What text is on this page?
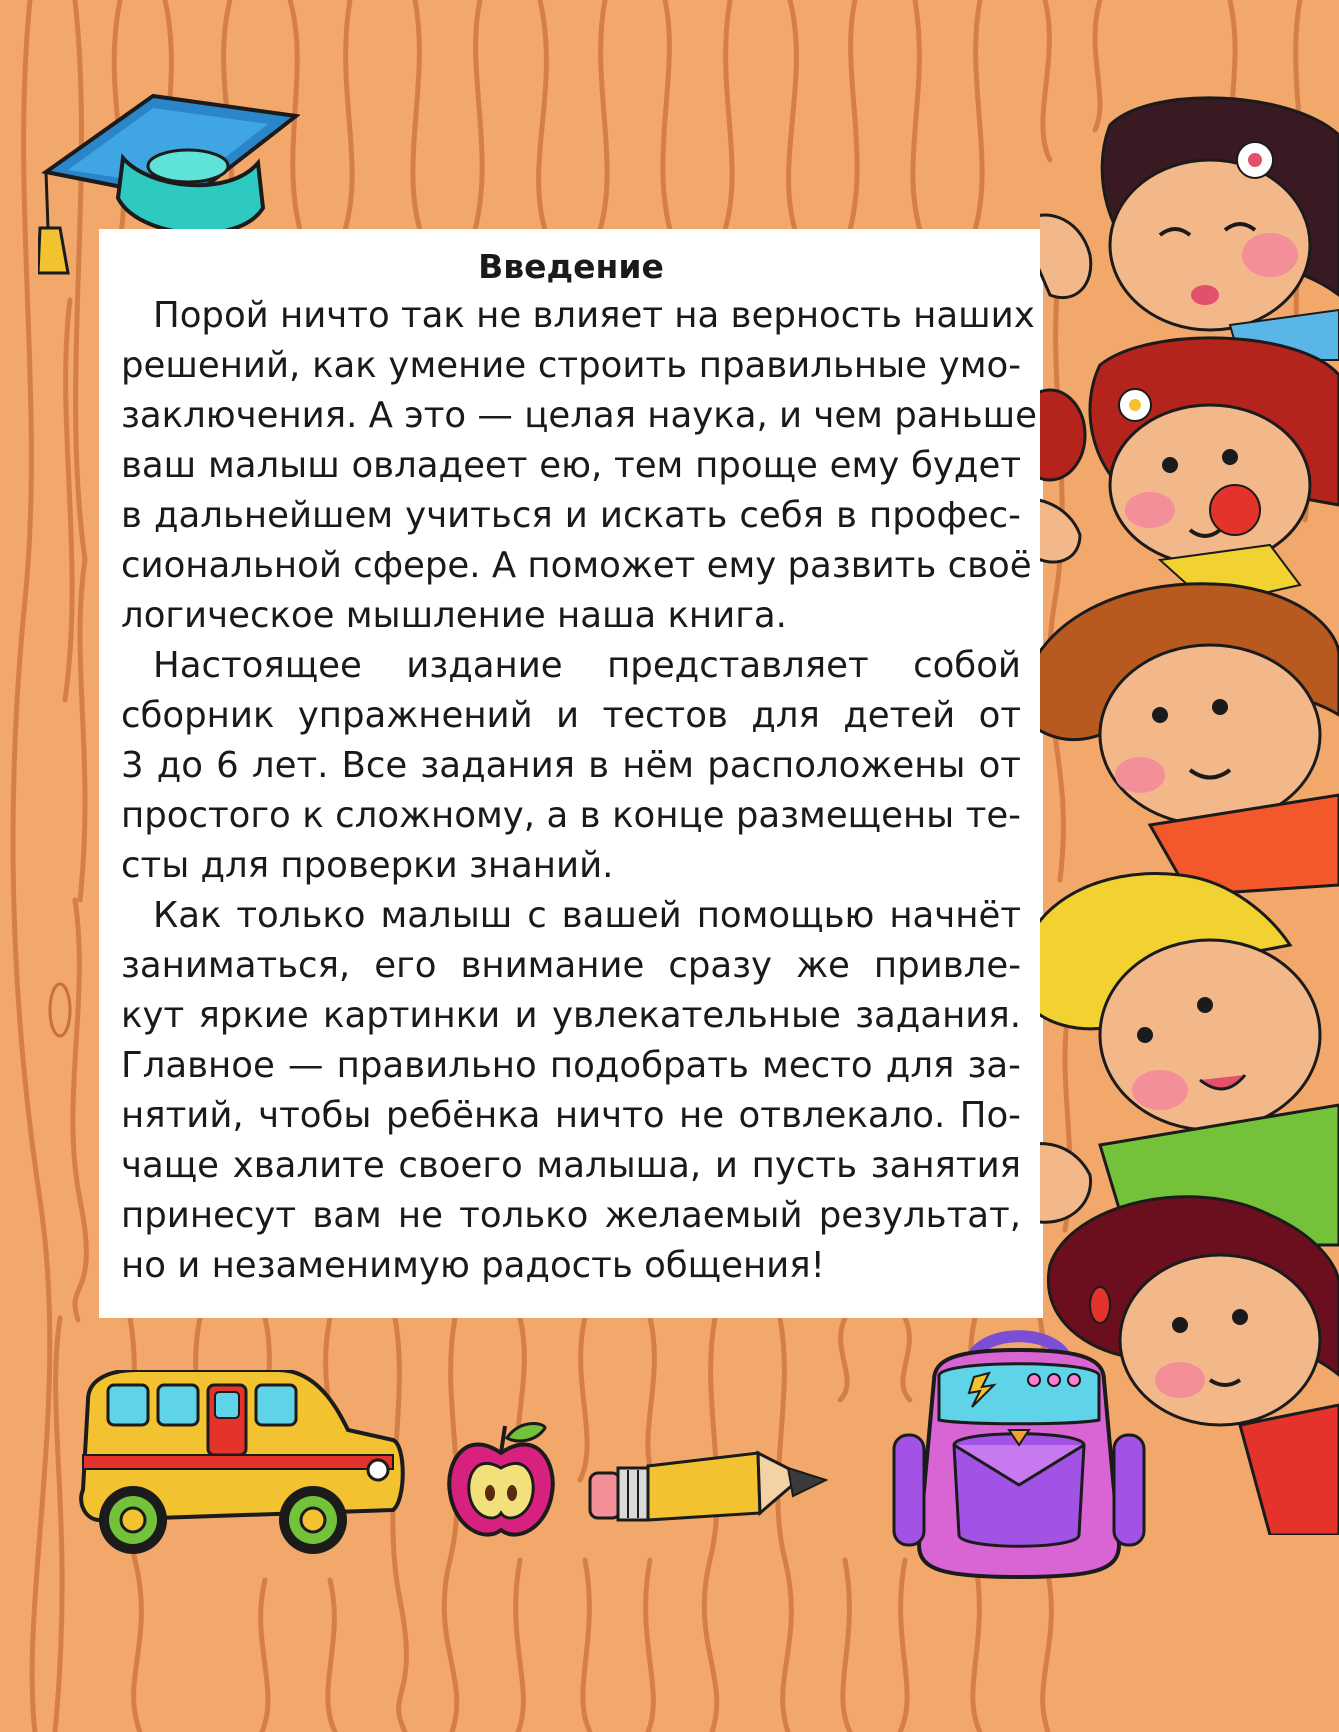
Введение
Порой ничто так не влияет на верность наших
решений, как умение строить правильные умо-
заключения. А это — целая наука, и чем раньше
ваш малыш овладеет ею, тем проще ему будет
в дальнейшем учиться и искать себя в профес-
сиональной сфере. А поможет ему развить своё
логическое мышление наша книга.
Настоящее издание представляет собой
сборник упражнений и тестов для детей от
3 до 6 лет. Все задания в нём расположены от
простого к сложному, а в конце размещены те-
сты для проверки знаний.
Как только малыш с вашей помощью начнёт
заниматься, его внимание сразу же привле-
кут яркие картинки и увлекательные задания.
Главное — правильно подобрать место для за-
нятий, чтобы ребёнка ничто не отвлекало. По-
чаще хвалите своего малыша, и пусть занятия
принесут вам не только желаемый результат,
но и незаменимую радость общения!
